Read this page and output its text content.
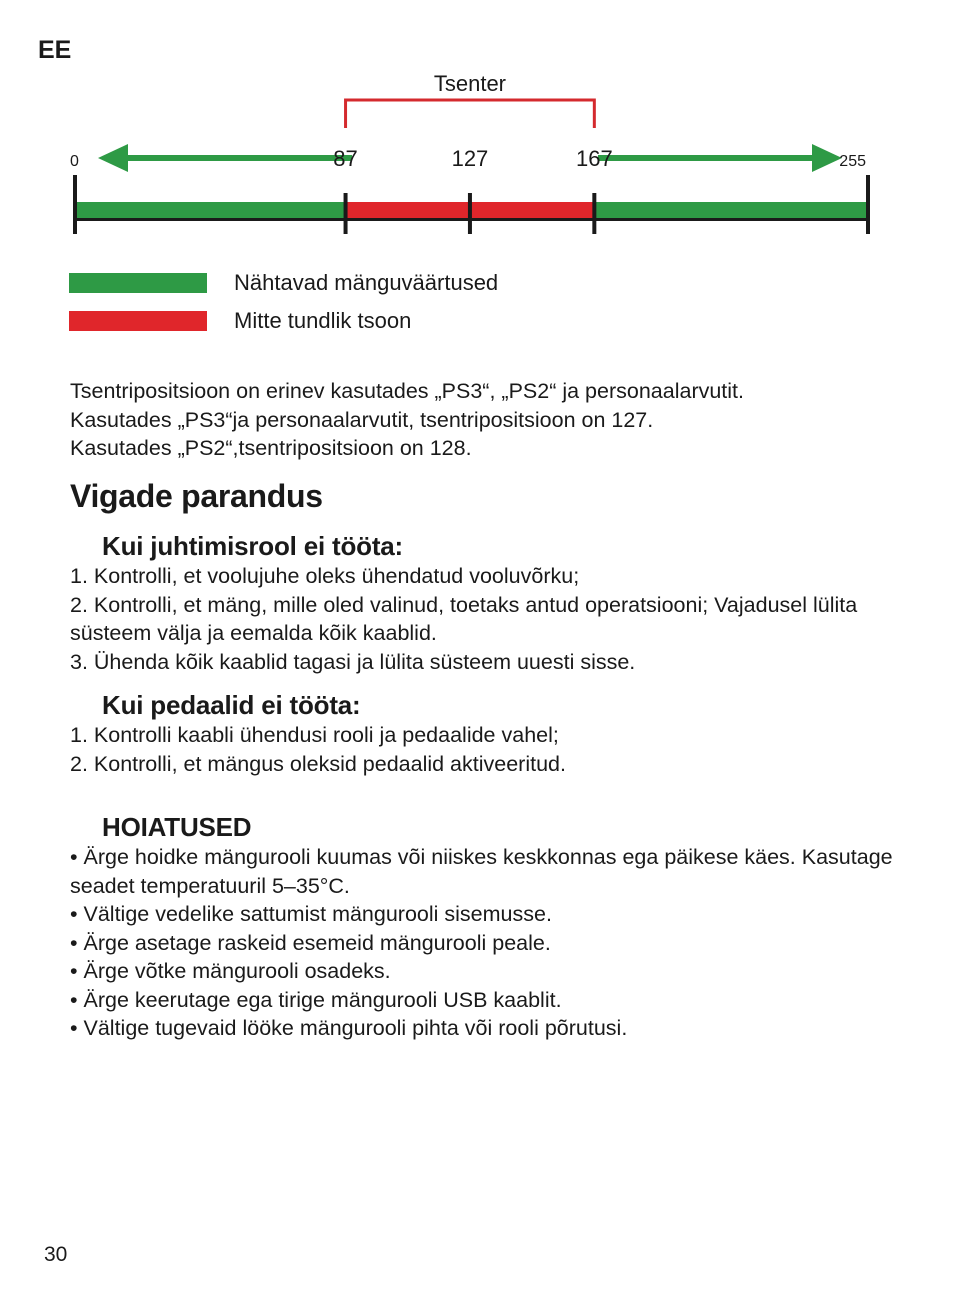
EE
Tsenter
0	87	127	167	255
Nähtavad mänguväärtused
Mitte tundlik tsoon

Tsentripositsioon on erinev kasutades „PS3“, „PS2“ ja personaalarvutit.

Kasutades „PS3“ja personaalarvutit, tsentripositsioon on 127.

Kasutades „PS2“,tsentripositsioon on 128.

Vigade parandus
Kui juhtimisrool ei tööta:
1. Kontrolli, et voolujuhe oleks ühendatud vooluvõrku;
2. Kontrolli, et mäng, mille oled valinud, toetaks antud operatsiooni; Vajadusel lülita süsteem välja ja eemalda kõik kaablid.
3. Ühenda kõik kaablid tagasi ja lülita süsteem uuesti sisse.
Kui pedaalid ei tööta:
1. Kontrolli kaabli ühendusi rooli ja pedaalide vahel;
2. Kontrolli, et mängus oleksid pedaalid aktiveeritud.
HOIATUSED
• Ärge hoidke mängurooli kuumas või niiskes keskkonnas ega päikese käes. Kasutage seadet temperatuuril 5–35°C.
• Vältige vedelike sattumist mängurooli sisemusse.
• Ärge asetage raskeid esemeid mängurooli peale.
• Ärge võtke mängurooli osadeks.
• Ärge keerutage ega tirige mängurooli USB kaablit.
• Vältige tugevaid lööke mängurooli pihta või rooli põrutusi.
30
